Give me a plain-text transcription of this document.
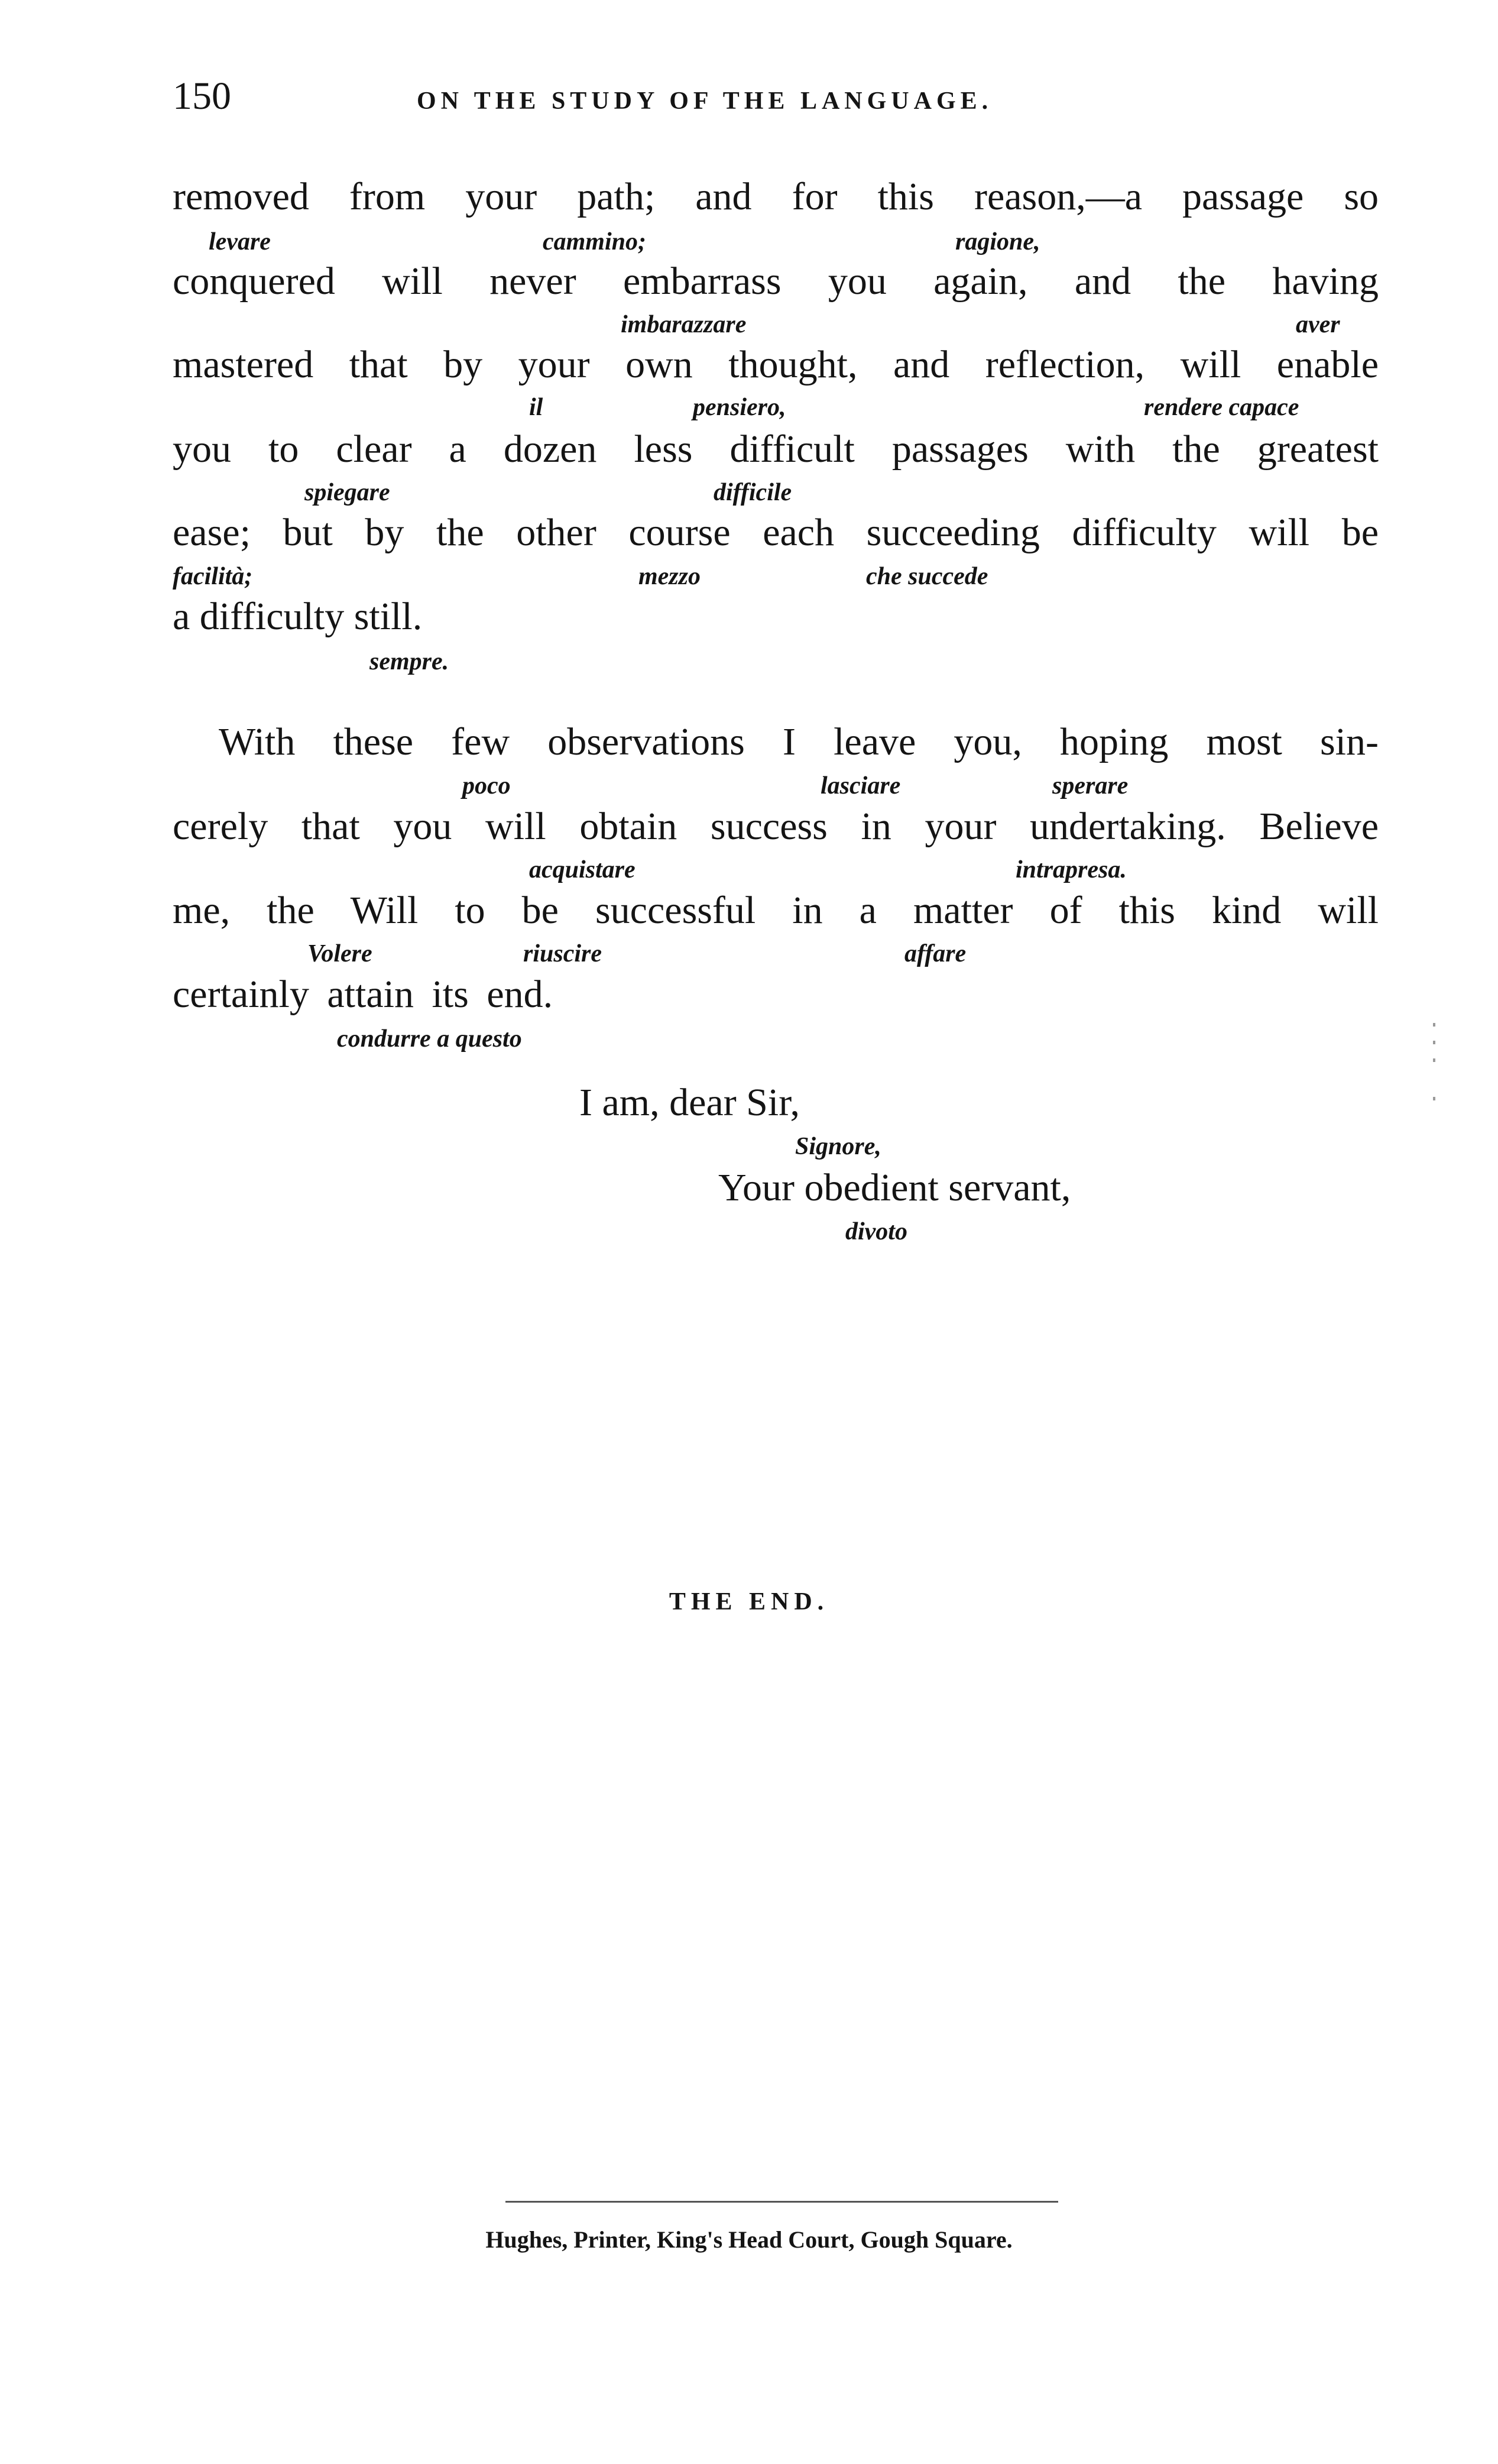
150	ON THE STUDY OF THE LANGUAGE.
removed from your path; and for this reason,—a passage so
levare	cammino;	ragione,
conquered will never embarrass you again, and the having
imbarazzare	aver
mastered that by your own thought, and reflection, will enable
il	pensiero,	rendere capace
you to clear a dozen less difficult passages with the greatest
spiegare	difficile
ease; but by the other course each succeeding difficulty will be
facilità;	mezzo	che succede
a difficulty still.
sempre.
With these few observations I leave you, hoping most sin-
poco	lasciare	sperare
cerely that you will obtain success in your undertaking. Believe
acquistare	intrapresa.
me, the Will to be successful in a matter of this kind will
Volere	riuscire	affare
certainly attain its end.
condurre a questo
I am, dear Sir,
Signore,
Your obedient servant,
divoto
THE END.
Hughes, Printer, King's Head Court, Gough Square.
